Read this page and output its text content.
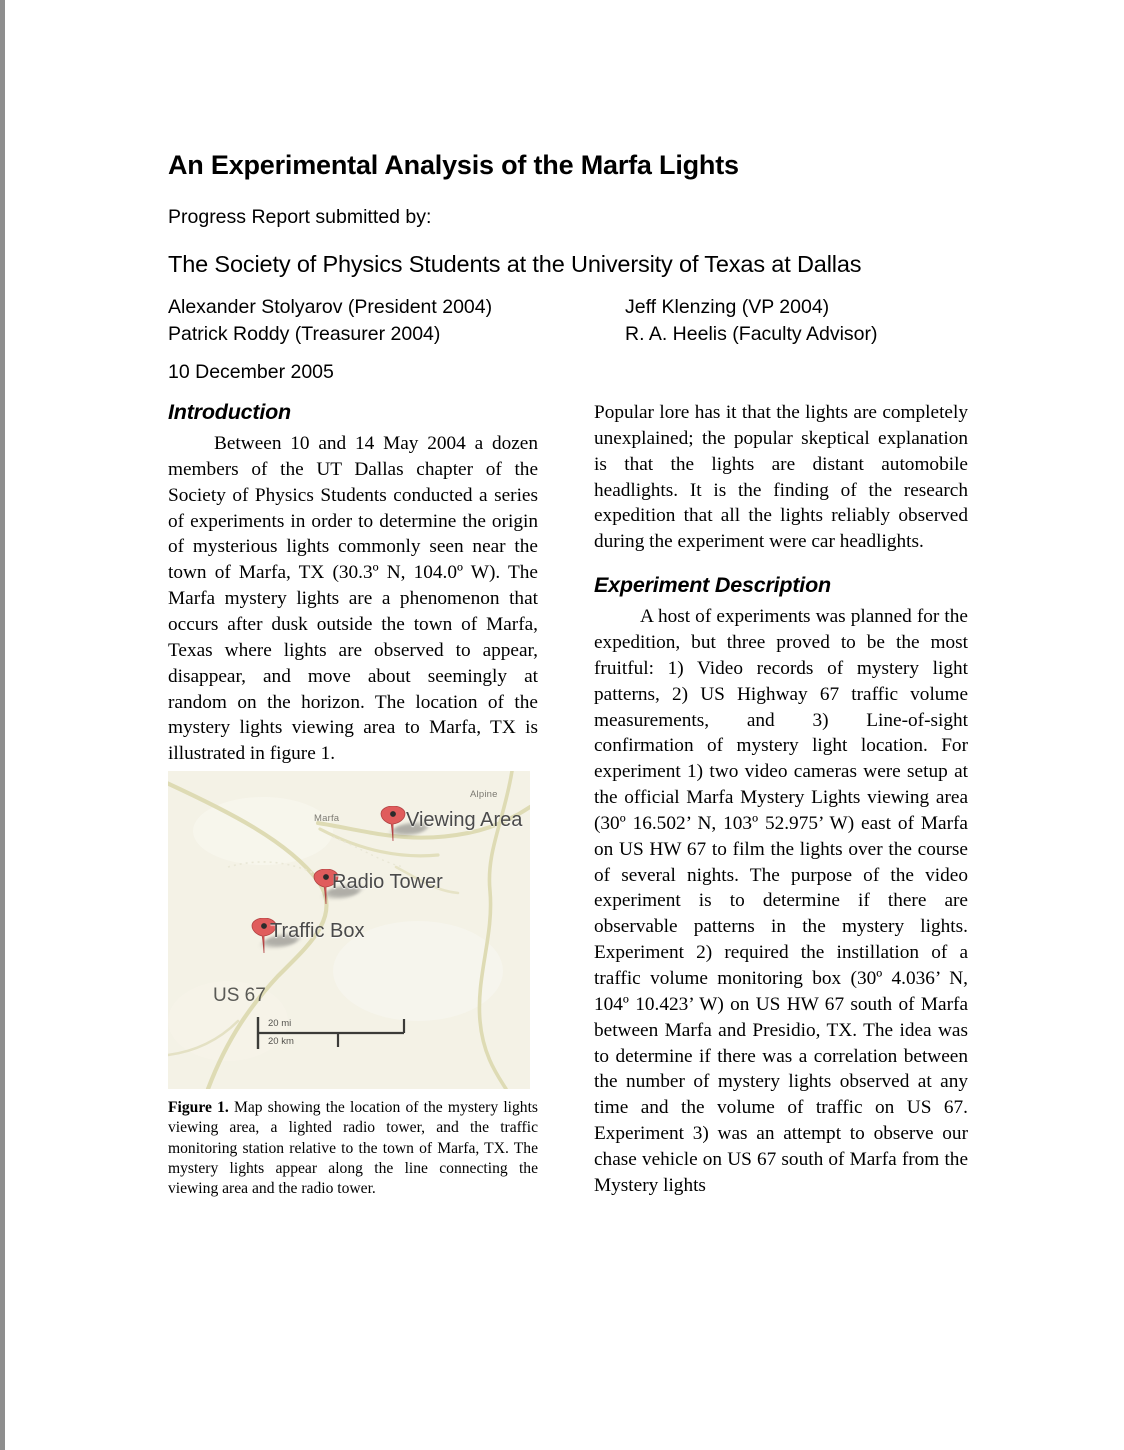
An Experimental Analysis of the Marfa Lights
Progress Report submitted by:
The Society of Physics Students at the University of Texas at Dallas
Alexander Stolyarov (President 2004)
Patrick Roddy (Treasurer 2004)
Jeff Klenzing (VP 2004)
R. A. Heelis (Faculty Advisor)
10 December 2005
Introduction

Between 10 and 14 May 2004 a dozen members of the UT Dallas chapter of the Society of Physics Students conducted a series of experiments in order to determine the origin of mysterious lights commonly seen near the town of Marfa, TX (30.3º N, 104.0º W). The Marfa mystery lights are a phenomenon that occurs after dusk outside the town of Marfa, Texas where lights are observed to appear, disappear, and move about seemingly at random on the horizon. The location of the mystery lights viewing area to Marfa, TX is illustrated in figure 1.

Marfa
Alpine
Viewing Area
Radio Tower
Traffic Box
US 67
20 mi
20 km

Figure 1. Map showing the location of the mystery lights viewing area, a lighted radio tower, and the traffic monitoring station relative to the town of Marfa, TX. The mystery lights appear along the line connecting the viewing area and the radio tower.

Popular lore has it that the lights are completely unexplained; the popular skeptical explanation is that the lights are distant automobile headlights. It is the finding of the research expedition that all the lights reliably observed during the experiment were car headlights.

Experiment Description

A host of experiments was planned for the expedition, but three proved to be the most fruitful: 1) Video records of mystery light patterns, 2) US Highway 67 traffic volume measurements, and 3) Line-of-sight confirmation of mystery light location. For experiment 1) two video cameras were setup at the official Marfa Mystery Lights viewing area (30º 16.502’ N, 103º 52.975’ W) east of Marfa on US HW 67 to film the lights over the course of several nights. The purpose of the video experiment is to determine if there are observable patterns in the mystery lights. Experiment 2) required the instillation of a traffic volume monitoring box (30º 4.036’ N, 104º 10.423’ W) on US HW 67 south of Marfa between Marfa and Presidio, TX. The idea was to determine if there was a correlation between the number of mystery lights observed at any time and the volume of traffic on US 67. Experiment 3) was an attempt to observe our chase vehicle on US 67 south of Marfa from the Mystery lights
